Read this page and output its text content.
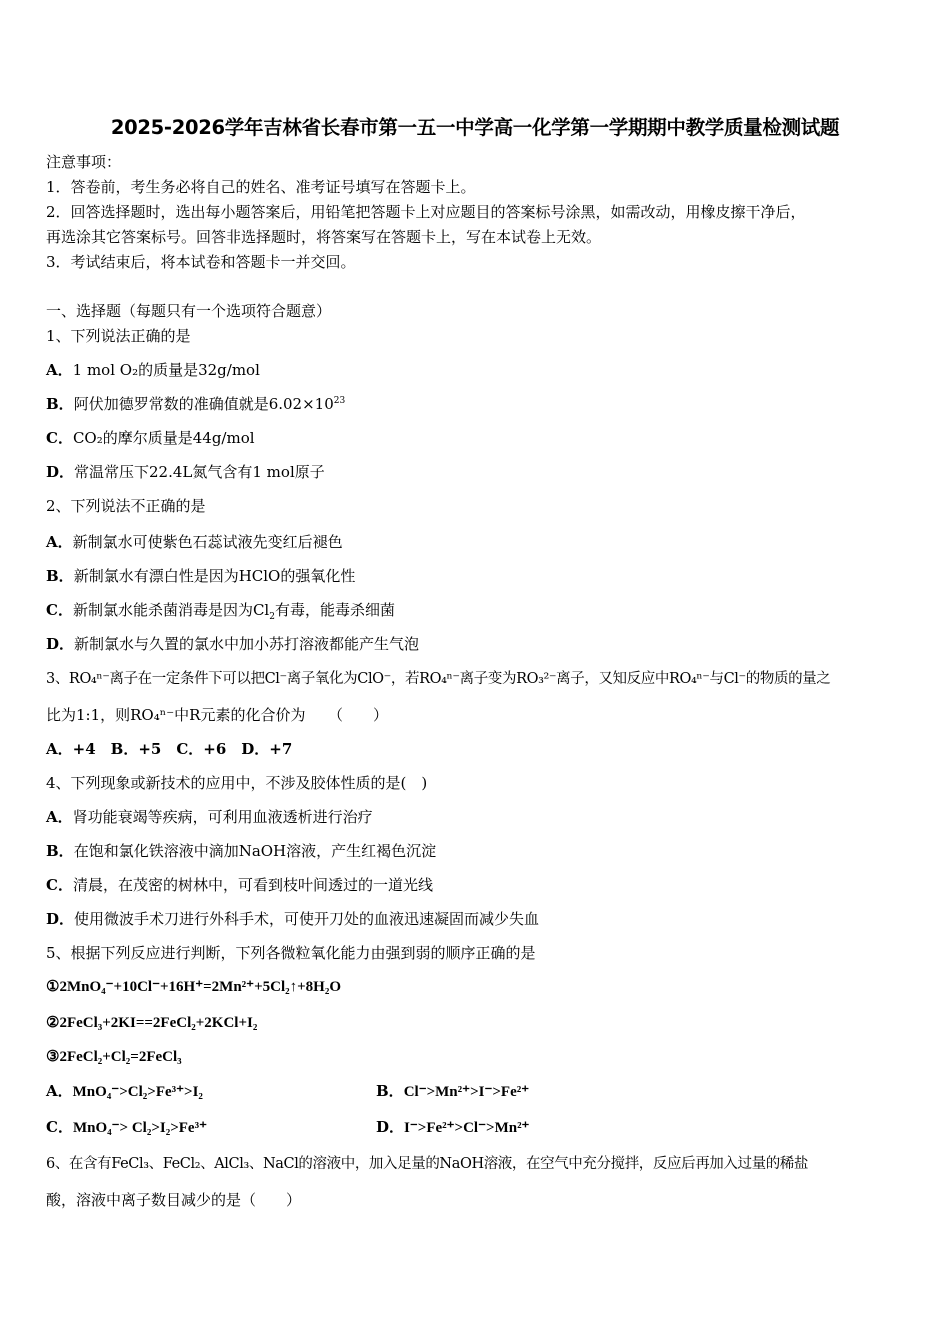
2025-2026学年吉林省长春市第一五一中学高一化学第一学期期中教学质量检测试题
注意事项：
1．答卷前，考生务必将自己的姓名、准考证号填写在答题卡上。
2．回答选择题时，选出每小题答案后，用铅笔把答题卡上对应题目的答案标号涂黑，如需改动，用橡皮擦干净后，
再选涂其它答案标号。回答非选择题时，将答案写在答题卡上，写在本试卷上无效。
3．考试结束后，将本试卷和答题卡一并交回。
一、选择题（每题只有一个选项符合题意）
1、下列说法正确的是
A．1 mol O₂的质量是32g/mol
B．阿伏加德罗常数的准确值就是$6.02\times 10^{23}$
C．CO₂的摩尔质量是44g/mol
D．常温常压下22.4L氮气含有1 mol原子
2、下列说法不正确的是
A．新制氯水可使紫色石蕊试液先变红后褪色
B．新制氯水有漂白性是因为HClO的强氧化性
C．新制氯水能杀菌消毒是因为$Cl_2$有毒，能毒杀细菌
D．新制氯水与久置的氯水中加小苏打溶液都能产生气泡
3、RO₄ⁿ⁻离子在一定条件下可以把Cl⁻离子氧化为ClO⁻，若RO₄ⁿ⁻离子变为RO₃²⁻离子，又知反应中RO₄ⁿ⁻与Cl⁻的物质的量之
比为1:1，则RO₄ⁿ⁻中R元素的化合价为　　（　　）
A．+4　B．+5　C．+6　D．+7
4、下列现象或新技术的应用中，不涉及胶体性质的是(　)
A．肾功能衰竭等疾病，可利用血液透析进行治疗
B．在饱和氯化铁溶液中滴加NaOH溶液，产生红褐色沉淀
C．清晨，在茂密的树林中，可看到枝叶间透过的一道光线
D．使用微波手术刀进行外科手术，可使开刀处的血液迅速凝固而减少失血
5、根据下列反应进行判断，下列各微粒氧化能力由强到弱的顺序正确的是
①2MnO₄⁻+10Cl⁻+16H⁺=2Mn²⁺+5Cl₂↑+8H₂O
②2FeCl₃+2KI==2FeCl₂+2KCl+I₂
③2FeCl₂+Cl₂=2FeCl₃
A．MnO₄⁻>Cl₂>Fe³⁺>I₂	B．Cl⁻>Mn²⁺>I⁻>Fe²⁺
C．MnO₄⁻> Cl₂>I₂>Fe³⁺	D．I⁻>Fe²⁺>Cl⁻>Mn²⁺
6、在含有FeCl₃、FeCl₂、AlCl₃、NaCl的溶液中，加入足量的NaOH溶液，在空气中充分搅拌，反应后再加入过量的稀盐
酸，溶液中离子数目减少的是（　　）
